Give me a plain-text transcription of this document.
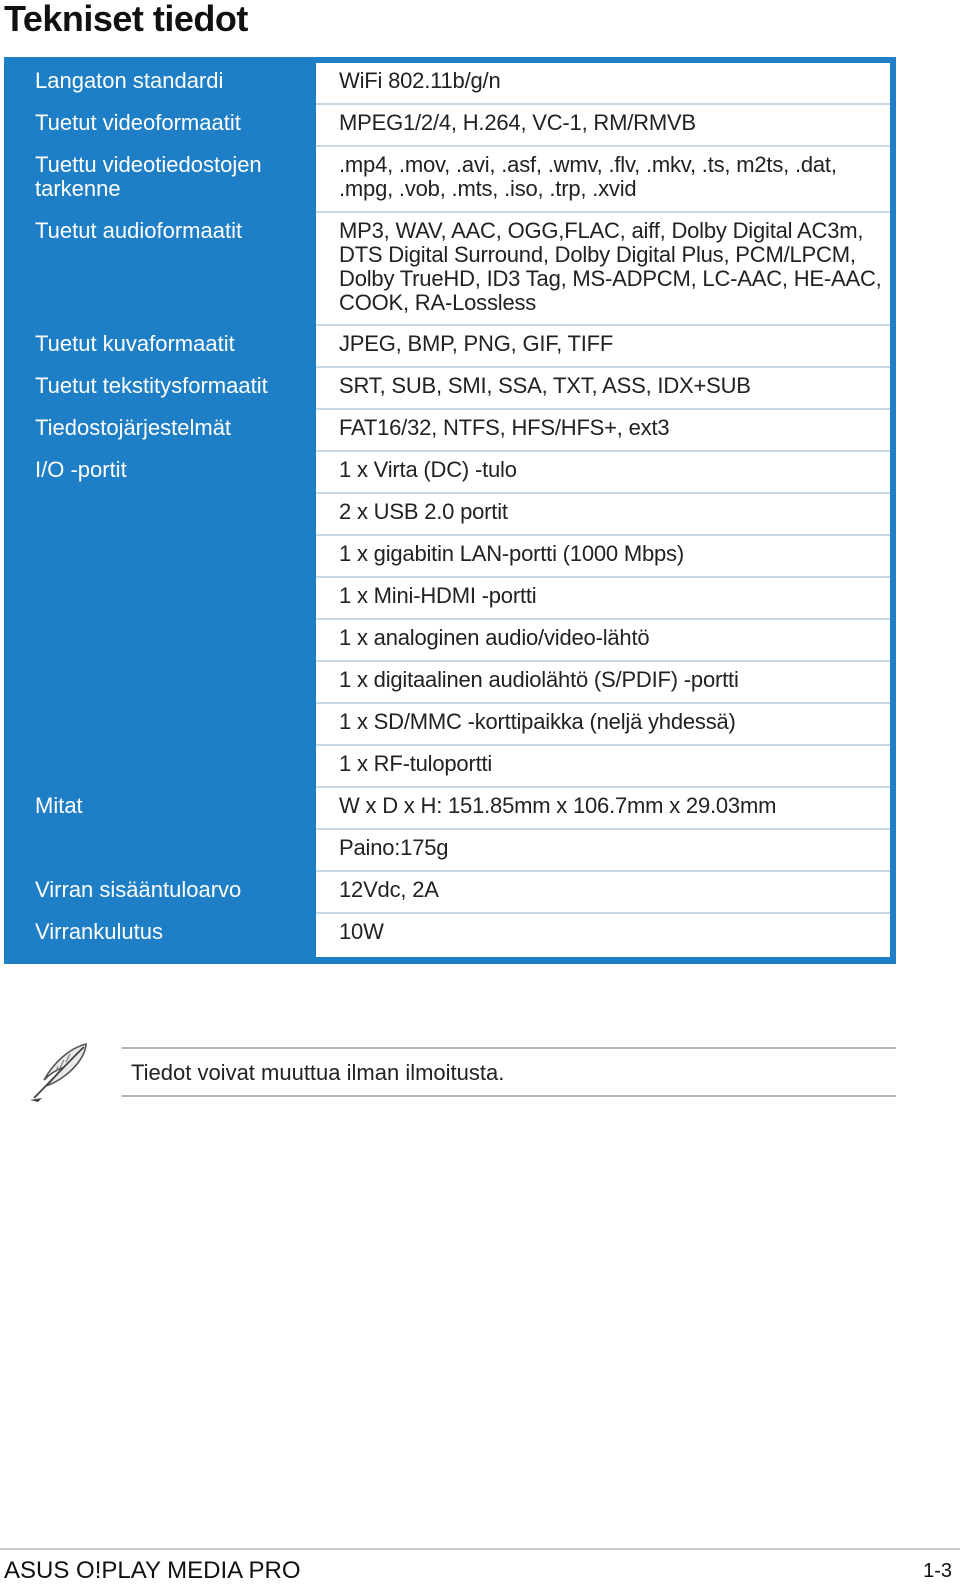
Tekniset tiedot
Langaton standardi
Tuetut videoformaatit
Tuettu videotiedostojen
tarkenne
Tuetut audioformaatit
Tuetut kuvaformaatit
Tuetut tekstitysformaatit
Tiedostojärjestelmät
I/O -portit
Mitat
Virran sisääntuloarvo
Virrankulutus
WiFi 802.11b/g/n
MPEG1/2/4, H.264, VC-1, RM/RMVB
.mp4, .mov, .avi, .asf, .wmv, .flv, .mkv, .ts, m2ts, .dat,
.mpg, .vob, .mts, .iso, .trp, .xvid
MP3, WAV, AAC, OGG,FLAC, aiff, Dolby Digital AC3m,
DTS Digital Surround, Dolby Digital Plus, PCM/LPCM,
Dolby TrueHD, ID3 Tag, MS-ADPCM, LC-AAC, HE-AAC,
COOK, RA-Lossless
JPEG, BMP, PNG, GIF, TIFF
SRT, SUB, SMI, SSA, TXT, ASS, IDX+SUB
FAT16/32, NTFS, HFS/HFS+, ext3
1 x Virta (DC) -tulo
2 x USB 2.0 portit
1 x gigabitin LAN-portti (1000 Mbps)
1 x Mini-HDMI -portti
1 x analoginen audio/video-lähtö
1 x digitaalinen audiolähtö (S/PDIF) -portti
1 x SD/MMC -korttipaikka (neljä yhdessä)
1 x RF-tuloportti
W x D x H: 151.85mm x 106.7mm x 29.03mm
Paino:175g
12Vdc, 2A
10W
Tiedot voivat muuttua ilman ilmoitusta.
ASUS O!PLAY MEDIA PRO	1-3
